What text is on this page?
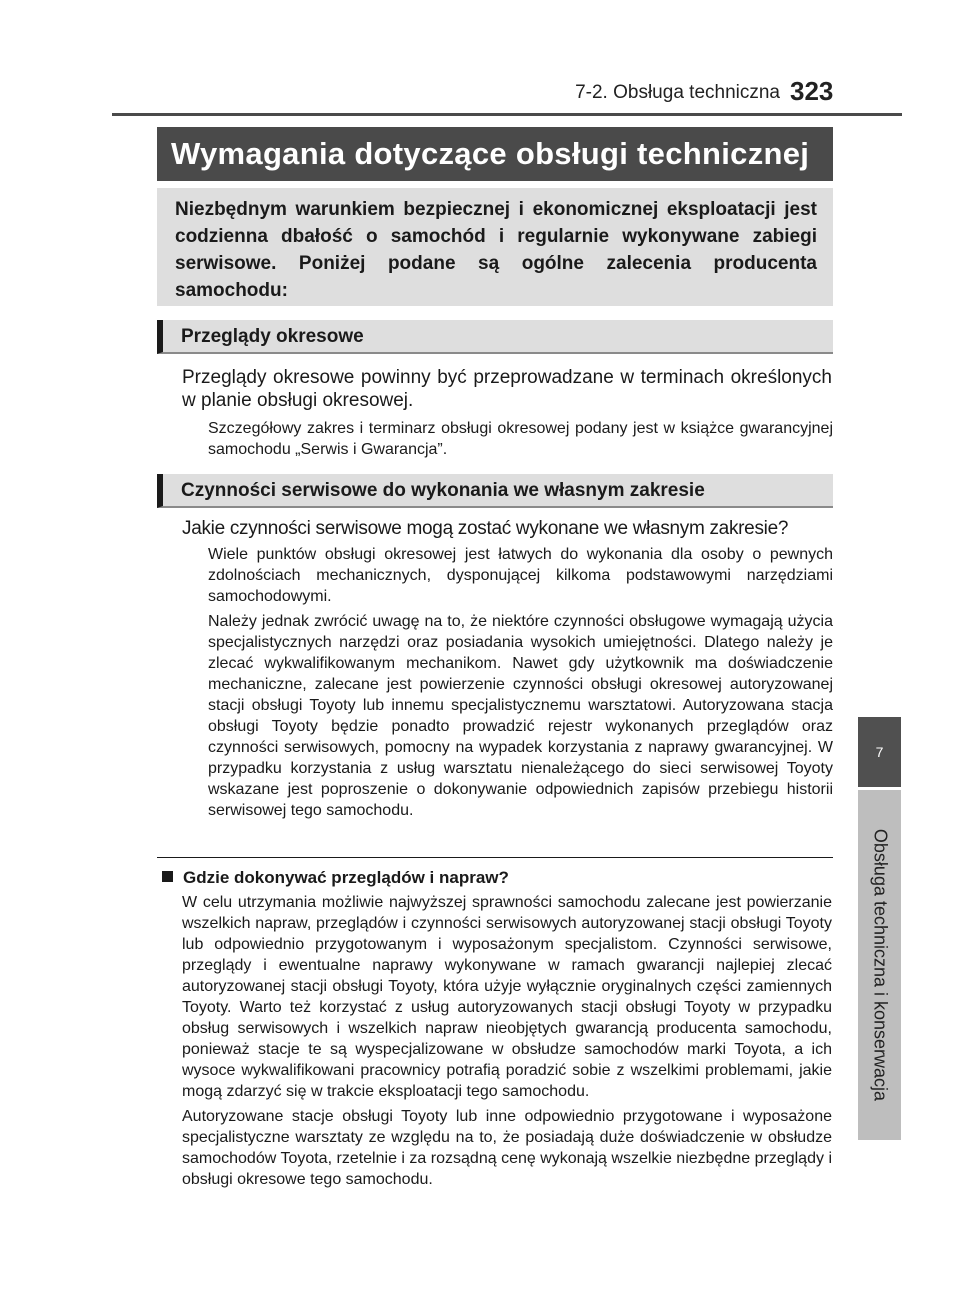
7-2. Obsługa techniczna 323
7
Obsługa techniczna i konserwacja
Wymagania dotyczące obsługi technicznej

Niezbędnym warunkiem bezpiecznej i ekonomicznej eksploatacji jest codzienna dbałość o samochód i regularnie wykonywane zabiegi serwisowe. Poniżej podane są ogólne zalecenia producenta samochodu:

Przeglądy okresowe
Przeglądy okresowe powinny być przeprowadzane w terminach określonych w planie obsługi okresowej.
Szczegółowy zakres i terminarz obsługi okresowej podany jest w książce gwarancyjnej samochodu „Serwis i Gwarancja”.
Czynności serwisowe do wykonania we własnym zakresie
Jakie czynności serwisowe mogą zostać wykonane we własnym zakresie?

Wiele punktów obsługi okresowej jest łatwych do wykonania dla osoby o pewnych zdolnościach mechanicznych, dysponującej kilkoma podstawowymi narzędziami samochodowymi.

Należy jednak zwrócić uwagę na to, że niektóre czynności obsługowe wymagają użycia specjalistycznych narzędzi oraz posiadania wysokich umiejętności. Dlatego należy je zlecać wykwalifikowanym mechanikom. Nawet gdy użytkownik ma doświadczenie mechaniczne, zalecane jest powierzenie czynności obsługi okresowej autoryzowanej stacji obsługi Toyoty lub innemu specjalistycznemu warsztatowi. Autoryzowana stacja obsługi Toyoty będzie ponadto prowadzić rejestr wykonanych przeglądów oraz czynności serwisowych, pomocny na wypadek korzystania z naprawy gwarancyjnej. W przypadku korzystania z usług warsztatu nienależącego do sieci serwisowej Toyoty wskazane jest poproszenie o dokonywanie odpowiednich zapisów przebiegu historii serwisowej tego samochodu.

Gdzie dokonywać przeglądów i napraw?

W celu utrzymania możliwie najwyższej sprawności samochodu zalecane jest powierzanie wszelkich napraw, przeglądów i czynności serwisowych autoryzowanej stacji obsługi Toyoty lub odpowiednio przygotowanym i wyposażonym specjalistom. Czynności serwisowe, przeglądy i ewentualne naprawy wykonywane w ramach gwarancji najlepiej zlecać autoryzowanej stacji obsługi Toyoty, która użyje wyłącznie oryginalnych części zamiennych Toyoty. Warto też korzystać z usług autoryzowanych stacji obsługi Toyoty w przypadku obsług serwisowych i wszelkich napraw nieobjętych gwarancją producenta samochodu, ponieważ stacje te są wyspecjalizowane w obsłudze samochodów marki Toyota, a ich wysoce wykwalifikowani pracownicy potrafią poradzić sobie z wszelkimi problemami, jakie mogą zdarzyć się w trakcie eksploatacji tego samochodu.

Autoryzowane stacje obsługi Toyoty lub inne odpowiednio przygotowane i wyposażone specjalistyczne warsztaty ze względu na to, że posiadają duże doświadczenie w obsłudze samochodów Toyota, rzetelnie i za rozsądną cenę wykonają wszelkie niezbędne przeglądy i obsługi okresowe tego samochodu.
